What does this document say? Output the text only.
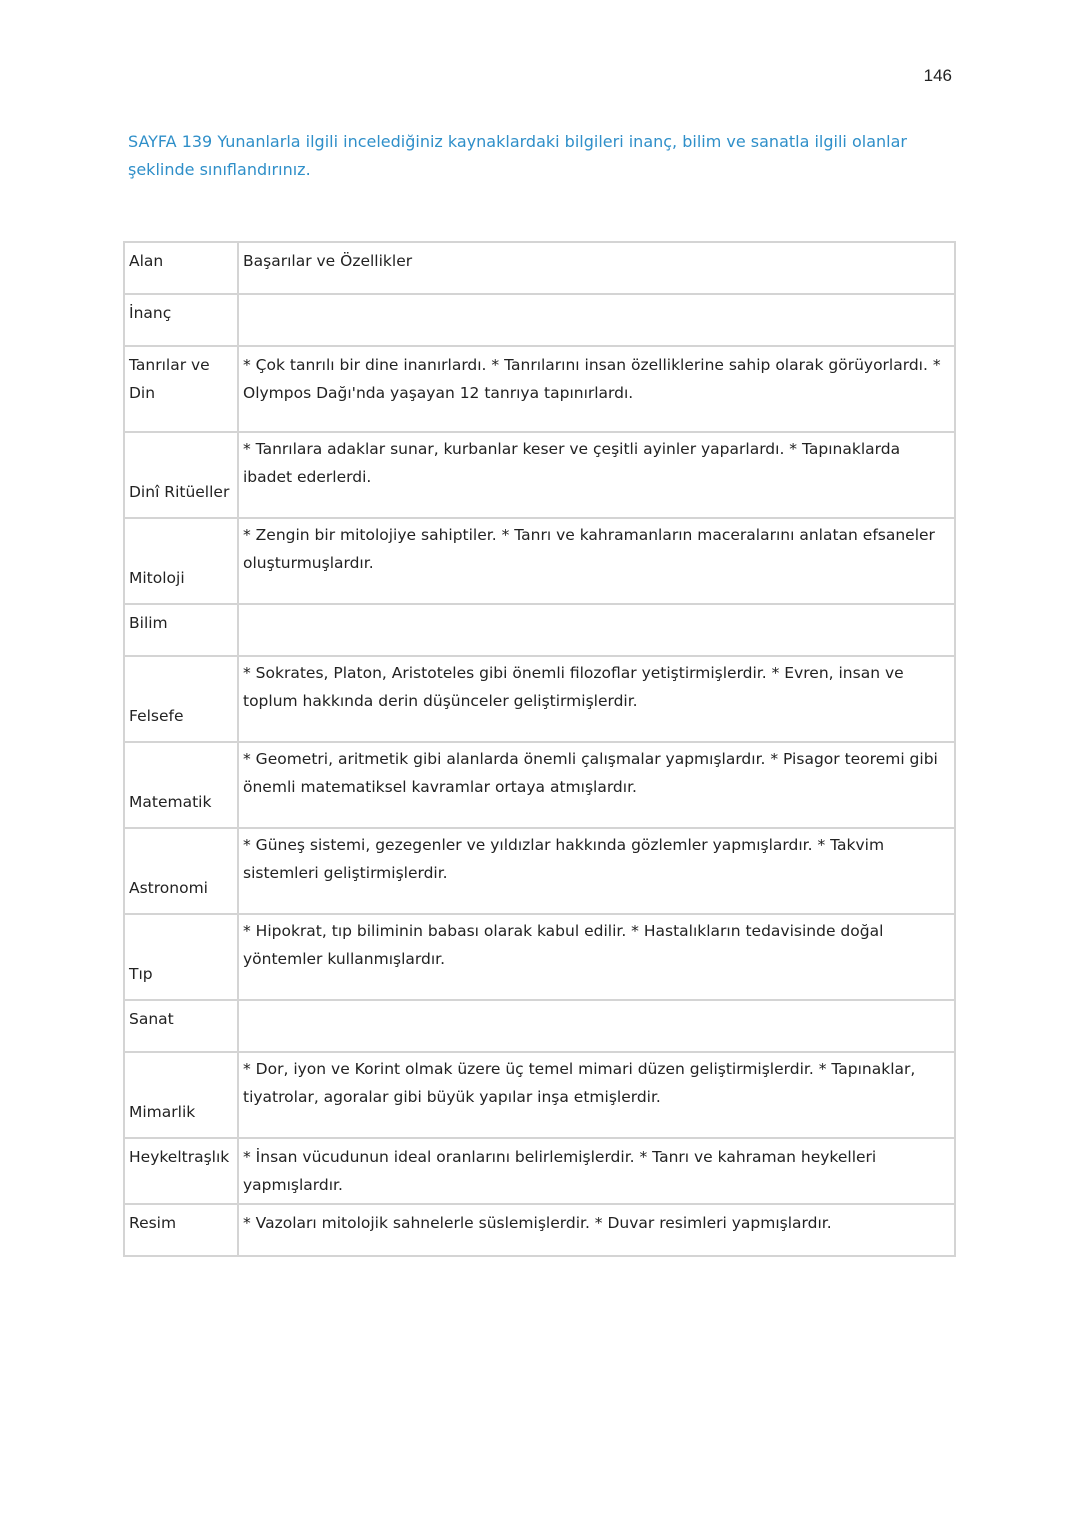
146
SAYFA 139 Yunanlarla ilgili incelediğiniz kaynaklardaki bilgileri inanç, bilim ve sanatla ilgili olanlar şeklinde sınıflandırınız.
Alan	Başarılar ve Özellikler
İnanç	
Tanrılar ve Din	* Çok tanrılı bir dine inanırlardı. * Tanrılarını insan özelliklerine sahip olarak görüyorlardı. * Olympos Dağı'nda yaşayan 12 tanrıya tapınırlardı.
Dinî Ritüeller	* Tanrılara adaklar sunar, kurbanlar keser ve çeşitli ayinler yaparlardı. * Tapınaklarda ibadet ederlerdi.
Mitoloji	* Zengin bir mitolojiye sahiptiler. * Tanrı ve kahramanların maceralarını anlatan efsaneler oluşturmuşlardır.
Bilim	
Felsefe	* Sokrates, Platon, Aristoteles gibi önemli filozoflar yetiştirmişlerdir. * Evren, insan ve toplum hakkında derin düşünceler geliştirmişlerdir.
Matematik	* Geometri, aritmetik gibi alanlarda önemli çalışmalar yapmışlardır. * Pisagor teoremi gibi önemli matematiksel kavramlar ortaya atmışlardır.
Astronomi	* Güneş sistemi, gezegenler ve yıldızlar hakkında gözlemler yapmışlardır. * Takvim sistemleri geliştirmişlerdir.
Tıp	* Hipokrat, tıp biliminin babası olarak kabul edilir. * Hastalıkların tedavisinde doğal yöntemler kullanmışlardır.
Sanat	
Mimarlik	* Dor, iyon ve Korint olmak üzere üç temel mimari düzen geliştirmişlerdir. * Tapınaklar, tiyatrolar, agoralar gibi büyük yapılar inşa etmişlerdir.
Heykeltraşlık	* İnsan vücudunun ideal oranlarını belirlemişlerdir. * Tanrı ve kahraman heykelleri yapmışlardır.
Resim	* Vazoları mitolojik sahnelerle süslemişlerdir. * Duvar resimleri yapmışlardır.
